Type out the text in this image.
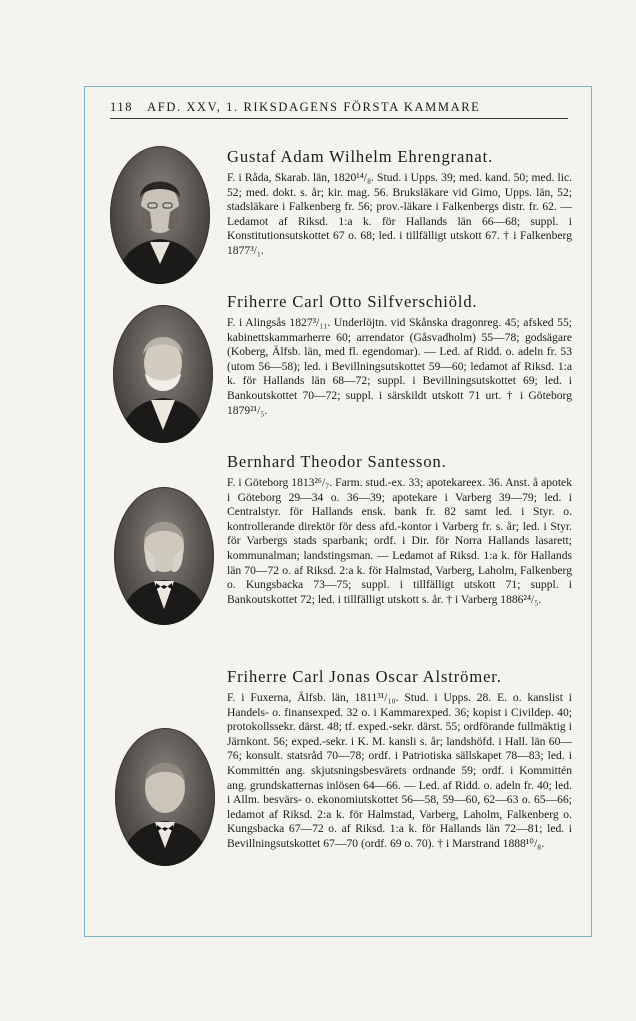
118 AFD. XXV, 1. RIKSDAGENS FÖRSTA KAMMARE
Gustaf Adam Wilhelm Ehrengranat.

F. i Råda, Skarab. län, 1820¹⁴/₈. Stud. i Upps. 39; med. kand. 50; med. lic. 52; med. dokt. s. år; kir. mag. 56. Bruksläkare vid Gimo, Upps. län, 52; stadsläkare i Falkenberg fr. 56; prov.-läkare i Falkenbergs distr. fr. 62. — Ledamot af Riksd. 1:a k. för Hallands län 66—68; suppl. i Konstitutionsutskottet 67 o. 68; led. i tillfälligt utskott 67. † i Falkenberg 1877³/₁.

Friherre Carl Otto Silfverschiöld.

F. i Alingsås 1827³/₁₁. Underlöjtn. vid Skånska dragonreg. 45; afsked 55; kabinettskammarherre 60; arrendator (Gåsvadholm) 55—78; godsägare (Koberg, Älfsb. län, med fl. egendomar). — Led. af Ridd. o. adeln fr. 53 (utom 56—58); led. i Bevillningsutskottet 59—60; ledamot af Riksd. 1:a k. för Hallands län 68—72; suppl. i Bevillningsutskottet 69; led. i Bankoutskottet 70—72; suppl. i särskildt utskott 71 urt. † i Göteborg 1879²¹/₅.

Bernhard Theodor Santesson.

F. i Göteborg 1813²⁶/₇. Farm. stud.-ex. 33; apotekareex. 36. Anst. å apotek i Göteborg 29—34 o. 36—39; apotekare i Varberg 39—79; led. i Centralstyr. för Hallands ensk. bank fr. 82 samt led. i Styr. o. kontrollerande direktör för dess afd.-kontor i Varberg fr. s. år; led. i Styr. för Varbergs stads sparbank; ordf. i Dir. för Norra Hallands lasarett; kommunalman; landstingsman. — Ledamot af Riksd. 1:a k. för Hallands län 70—72 o. af Riksd. 2:a k. för Halmstad, Varberg, Laholm, Falkenberg o. Kungsbacka 73—75; suppl. i tillfälligt utskott 71; suppl. i Bankoutskottet 72; led. i tillfälligt utskott s. år. † i Varberg 1886²⁴/₅.

Friherre Carl Jonas Oscar Alströmer.

F. i Fuxerna, Älfsb. län, 1811³¹/₁₀. Stud. i Upps. 28. E. o. kanslist i Handels- o. finansexped. 32 o. i Kammarexped. 36; kopist i Civildep. 40; protokollssekr. därst. 48; tf. exped.-sekr. därst. 55; ordförande fullmäktig i Järnkont. 56; exped.-sekr. i K. M. kansli s. år; landshöfd. i Hall. län 60—76; konsult. statsråd 70—78; ordf. i Patriotiska sällskapet 78—83; led. i Kommittén ang. skjutsningsbesvärets ordnande 59; ordf. i Kommittén ang. grundskatternas inlösen 64—66. — Led. af Ridd. o. adeln fr. 40; led. i Allm. besvärs- o. ekonomiutskottet 56—58, 59—60, 62—63 o. 65—66; ledamot af Riksd. 2:a k. för Halmstad, Varberg, Laholm, Falkenberg o. Kungsbacka 67—72 o. af Riksd. 1:a k. för Hallands län 72—81; led. i Bevillningsutskottet 67—70 (ordf. 69 o. 70). † i Marstrand 1888¹⁰/₈.
